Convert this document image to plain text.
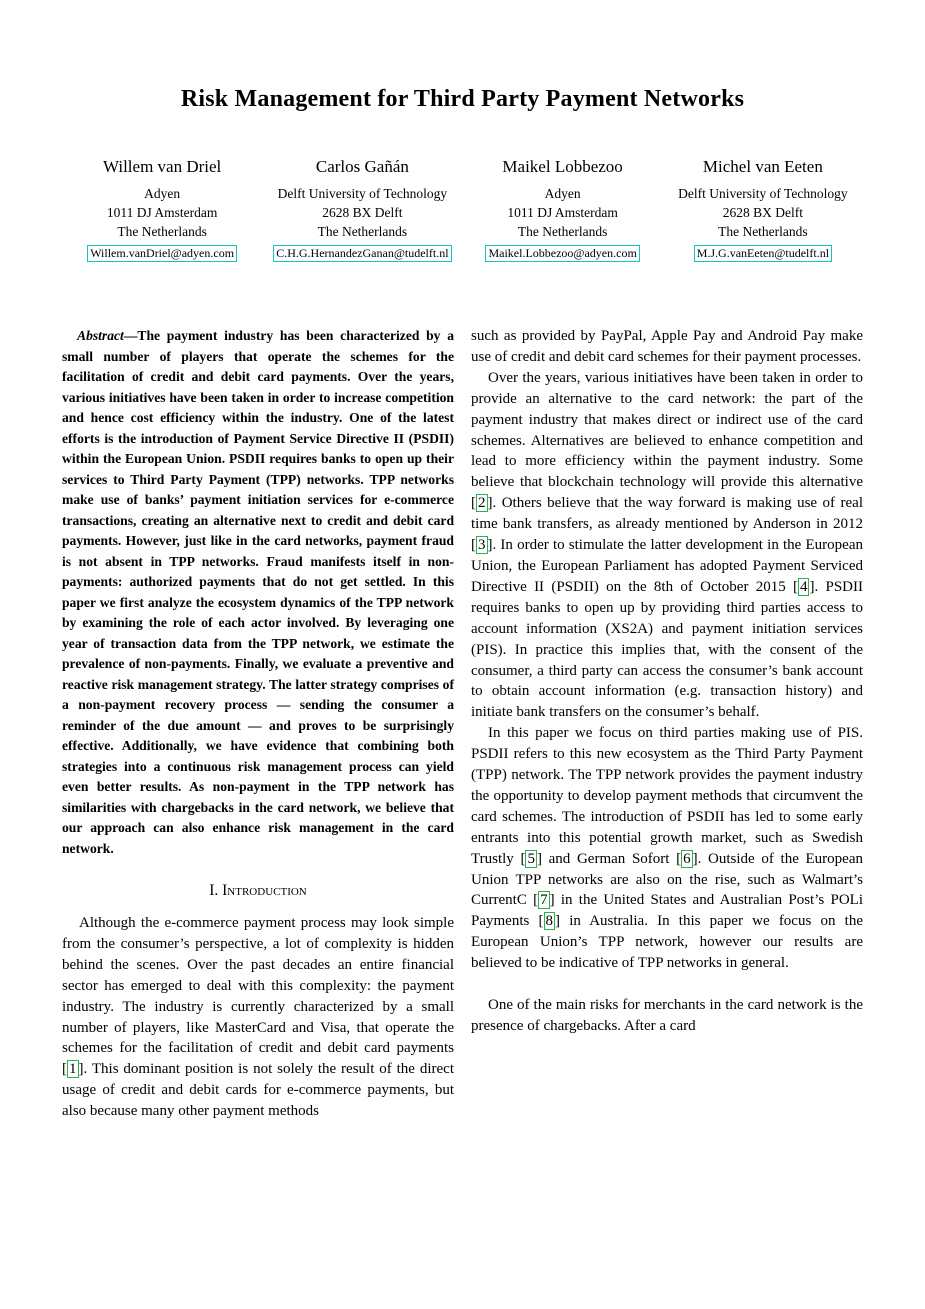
Risk Management for Third Party Payment Networks
Willem van Driel
Adyen
1011 DJ Amsterdam
The Netherlands
Willem.vanDriel@adyen.com
Carlos Gañán
Delft University of Technology
2628 BX Delft
The Netherlands
C.H.G.HernandezGanan@tudelft.nl
Maikel Lobbezoo
Adyen
1011 DJ Amsterdam
The Netherlands
Maikel.Lobbezoo@adyen.com
Michel van Eeten
Delft University of Technology
2628 BX Delft
The Netherlands
M.J.G.vanEeten@tudelft.nl

Abstract—The payment industry has been characterized by a small number of players that operate the schemes for the facilitation of credit and debit card payments. Over the years, various initiatives have been taken in order to increase competition and hence cost efficiency within the industry. One of the latest efforts is the introduction of Payment Service Directive II (PSDII) within the European Union. PSDII requires banks to open up their services to Third Party Payment (TPP) networks. TPP networks make use of banks’ payment initiation services for e-commerce transactions, creating an alternative next to credit and debit card payments. However, just like in the card networks, payment fraud is not absent in TPP networks. Fraud manifests itself in non-payments: authorized payments that do not get settled. In this paper we first analyze the ecosystem dynamics of the TPP network by examining the role of each actor involved. By leveraging one year of transaction data from the TPP network, we estimate the prevalence of non-payments. Finally, we evaluate a preventive and reactive risk management strategy. The latter strategy comprises of a non-payment recovery process — sending the consumer a reminder of the due amount — and proves to be surprisingly effective. Additionally, we have evidence that combining both strategies into a continuous risk management process can yield even better results. As non-payment in the TPP network has similarities with chargebacks in the card network, we believe that our approach can also enhance risk management in the card network.

I. Introduction

Although the e-commerce payment process may look simple from the consumer’s perspective, a lot of complexity is hidden behind the scenes. Over the past decades an entire financial sector has emerged to deal with this complexity: the payment industry. The industry is currently characterized by a small number of players, like MasterCard and Visa, that operate the schemes for the facilitation of credit and debit card payments [ 1 ]. This dominant position is not solely the result of the direct usage of credit and debit cards for e-commerce payments, but also because many other payment methods

such as provided by PayPal, Apple Pay and Android Pay make use of credit and debit card schemes for their payment processes.

Over the years, various initiatives have been taken in order to provide an alternative to the card network: the part of the payment industry that makes direct or indirect use of the card schemes. Alternatives are believed to enhance competition and lead to more efficiency within the payment industry. Some believe that blockchain technology will provide this alternative [ 2 ]. Others believe that the way forward is making use of real time bank transfers, as already mentioned by Anderson in 2012 [ 3 ]. In order to stimulate the latter development in the European Union, the European Parliament has adopted Payment Serviced Directive II (PSDII) on the 8th of October 2015 [ 4 ]. PSDII requires banks to open up by providing third parties access to account information (XS2A) and payment initiation services (PIS). In practice this implies that, with the consent of the consumer, a third party can access the consumer’s bank account to obtain account information (e.g. transaction history) and initiate bank transfers on the consumer’s behalf.

In this paper we focus on third parties making use of PIS. PSDII refers to this new ecosystem as the Third Party Payment (TPP) network. The TPP network provides the payment industry the opportunity to develop payment methods that circumvent the card schemes. The introduction of PSDII has led to some early entrants into this potential growth market, such as Swedish Trustly [ 5 ] and German Sofort [ 6 ]. Outside of the European Union TPP networks are also on the rise, such as Walmart’s CurrentC [ 7 ] in the United States and Australian Post’s POLi Payments [ 8 ] in Australia. In this paper we focus on the European Union’s TPP network, however our results are believed to be indicative of TPP networks in general.

One of the main risks for merchants in the card network is the presence of chargebacks. After a card
